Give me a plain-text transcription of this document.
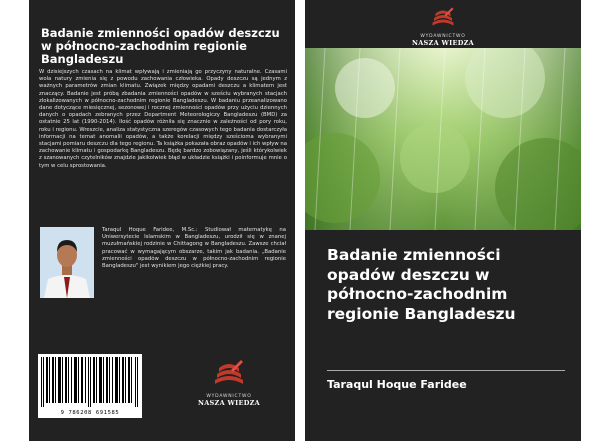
Badanie zmienności opadów deszczu w północno-zachodnim regionie Bangladeszu
W dzisiejszych czasach na klimat wpływają i zmieniają go przyczyny naturalne. Czasami wola natury zmienia się z powodu zachowania człowieka. Opady deszczu są jednym z ważnych parametrów zmian klimatu. Związek między opadami deszczu a klimatem jest znaczący. Badanie jest próbą zbadania zmienności opadów w sześciu wybranych stacjach zlokalizowanych w północno-zachodnim regionie Bangladeszu. W badaniu przeanalizowano dane dotyczące miesięcznej, sezonowej i rocznej zmienności opadów przy użyciu dziennych danych o opadach zebranych przez Department Meteorologiczy Bangladeszu (BMD) za ostatnie 25 lat (1990-2014). Ilość opadów różniła się znacznie w zależności od pory roku, roku i regionu. Wreszcie, analiza statystyczna szeregów czasowych tego badania dostarczyła informacji na temat anomalii opadów, a także korelacji między sześcioma wybranymi stacjami pomiaru deszczu dla tego regionu. Ta książka pokazała obraz opadów i ich wpływ na zachowanie klimatu i gospodarkę Bangladeszu. Będę bardzo zobowiązany, jeśli którykolwiek z szanowanych czytelników znajdzie jakikolwiek błąd w układzie książki i poinformuje mnie o tym w celu sprostowania.
Taraqul Hoque Faridee, M.Sc.: Studiował matematykę na Uniwersytecie Islamskim w Bangladeszu, urodził się w znanej muzułmańskiej rodzinie w Chittagong w Bangladeszu. Zawsze chciał pracować w wymagającym obszarze, takim jak badania. „Badanie zmienności opadów deszczu w północno-zachodnim regionie Bangladeszu" jest wynikiem jego ciężkiej pracy.
9 786208 691585
WYDAWNICTWO
NASZA WIEDZA
WYDAWNICTWO
NASZA WIEDZA
Badanie zmienności opadów deszczu w północno-zachodnim regionie Bangladeszu
Taraqul Hoque Faridee
